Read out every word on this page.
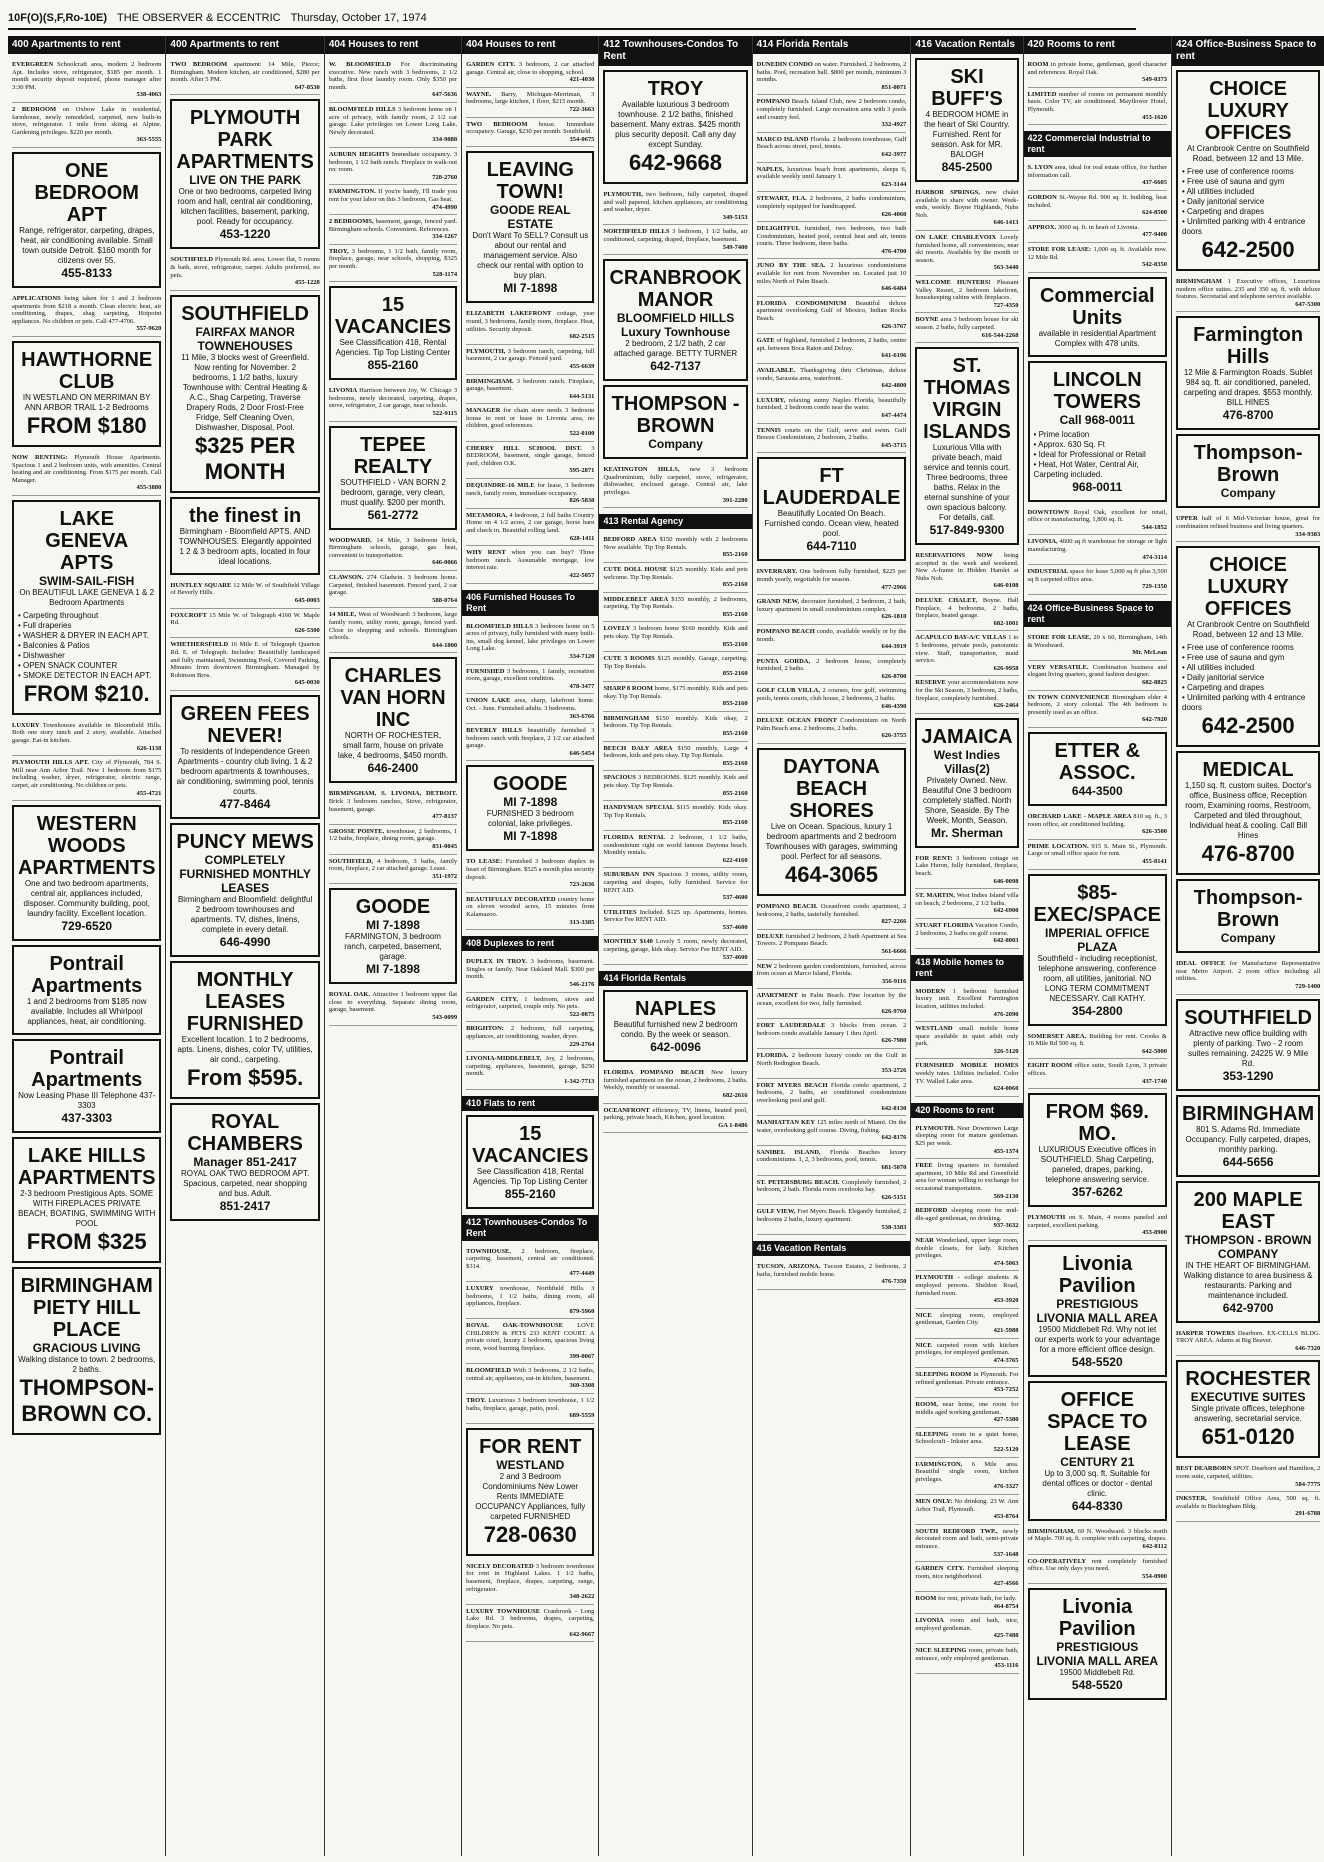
10F(O)(S,F,Ro-10E) THE OBSERVER & ECCENTRIC Thursday, October 17, 1974
400 Apartments to rent
EVERGREEN Schoolcraft area, modern 2 bedroom Apt. Includes stove, refrigerator, $185 per month. 1 month security deposit required, phone manager after 3:30 PM.
538-4063
2 BEDROOM on Oxbow Lake in residential, farmhouse, newly remodeled, carpeted, new built-in stove, refrigerator. 1 mile from skiing at Alpine. Gardening privileges. $220 per month.
363-5555
ONE BEDROOM APT
Range, refrigerator, carpeting, drapes, heat, air conditioning available. Small town outside Detroit. $160 month for citizens over 55.
455-8133
APPLICATIONS being taken for 1 and 2 bedroom apartments from $218 a month. Clean electric heat, air conditioning, drapes, shag carpeting, Hotpoint appliances. No children or pets. Call 477-4706.
557-9620
HAWTHORNE CLUB
IN WESTLAND ON MERRIMAN BY ANN ARBOR TRAIL 1-2 Bedrooms
FROM $180
NOW RENTING: Plymouth House Apartments. Spacious 1 and 2 bedroom units, with amenities. Central heating and air conditioning. From $175 per month. Call Manager.
455-3880
LAKE GENEVA APTS
SWIM-SAIL-FISH
On BEAUTIFUL LAKE GENEVA 1 & 2 Bedroom Apartments
• Carpeting throughout
• Full draperies
• WASHER & DRYER IN EACH APT.
• Balconies & Patios
• Dishwasher
• OPEN SNACK COUNTER
• SMOKE DETECTOR IN EACH APT.
FROM $210.
LUXURY Townhouses available in Bloomfield Hills. Both one story ranch and 2 story, available. Attached garage. Eat-in kitchen.
626-1138
PLYMOUTH HILLS APT. City of Plymouth, 784 S. Mill near Ann Arbor Trail. New 1 bedroom from $175 including washer, dryer, refrigerator, electric range, carpet, air conditioning. No children or pets.
455-4721
WESTERN WOODS APARTMENTS
One and two bedroom apartments, central air, appliances included, disposer. Community building, pool, laundry facility. Excellent location.
729-6520
Pontrail Apartments
1 and 2 bedrooms from $185 now available. Includes all Whirlpool appliances, heat, air conditioning.
Pontrail Apartments
Now Leasing Phase III Telephone 437-3303
437-3303
LAKE HILLS APARTMENTS
2-3 bedroom Prestigious Apts. SOME WITH FIREPLACES PRIVATE BEACH, BOATING, SWIMMING WITH POOL
FROM $325
BIRMINGHAM PIETY HILL PLACE
GRACIOUS LIVING
Walking distance to town. 2 bedrooms, 2 baths.
THOMPSON-BROWN CO.
400 Apartments to rent
TWO BEDROOM apartment: 14 Mile, Pierce; Birmingham. Modern kitchen, air conditioned, $280 per month. After 5 PM.
647-8530
PLYMOUTH PARK APARTMENTS
LIVE ON THE PARK
One or two bedrooms, carpeted living room and hall, central air conditioning, kitchen facilities, basement, parking, pool. Ready for occupancy.
453-1220
SOUTHFIELD Plymouth Rd. area. Lower flat, 5 rooms & bath, stove, refrigerator, carpet. Adults preferred, no pets.
455-1228
SOUTHFIELD
FAIRFAX MANOR TOWNEHOUSES
11 Mile, 3 blocks west of Greenfield. Now renting for November. 2 bedrooms, 1 1/2 baths, luxury Townhouse with: Central Heating & A.C., Shag Carpeting, Traverse Drapery Rods, 2 Door Frost-Free Fridge, Self Cleaning Oven, Dishwasher, Disposal, Pool.
$325 PER MONTH
the finest in
Birmingham - Bloomfield APTS. AND TOWNHOUSES. Elegantly appointed 1 2 & 3 bedroom apts, located in four ideal locations.
HUNTLEY SQUARE 12 Mile W. of Southfield Village of Beverly Hills.
645-0003
FOXCROFT 15 Mile W. of Telegraph 4160 W. Maple Rd.
626-5300
WHETHERSFIELD 16 Mile E. of Telegraph Quarton Rd. E. of Telegraph. Includes: Beautifully landscaped and fully maintained, Swimming Pool, Covered Parking, Minutes from downtown Birmingham. Managed by Robinson Bros.
645-0030
GREEN FEES NEVER!
To residents of Independence Green Apartments - country club living. 1 & 2 bedroom apartments & townhouses, air conditioning, swimming pool, tennis courts.
477-8464
PUNCY MEWS
COMPLETELY FURNISHED MONTHLY LEASES
Birmingham and Bloomfield: delightful 2 bedroom townhouses and apartments. TV, dishes, linens, complete in every detail.
646-4990
MONTHLY LEASES FURNISHED
Excellent location. 1 to 2 bedrooms, apts. Linens, dishes, color TV, utilities, air cond., carpeting.
From $595.
ROYAL CHAMBERS
Manager 851-2417
ROYAL OAK TWO BEDROOM APT. Spacious, carpeted, near shopping and bus. Adult.
851-2417
404 Houses to rent
W. BLOOMFIELD For discriminating executive. New ranch with 3 bedrooms, 2 1/2 baths, first floor laundry room. Only $350 per month.
647-5636
BLOOMFIELD HILLS 3 bedroom home on 1 acre of privacy, with family room, 2 1/2 car garage. Lake privileges on Lower Long Lake. Newly decorated.
334-9088
AUBURN HEIGHTS Immediate occupancy. 3 bedroom, 1 1/2 bath ranch. Fireplace in walk-out rec room.
728-2760
FARMINGTON. If you're handy, I'll trade you rent for your labor on this 3 bedroom, Gas heat.
474-4990
2 BEDROOMS, basement, garage, fenced yard. Birmingham schools. Convenient. References.
334-1267
TROY, 3 bedrooms, 1 1/2 bath, family room, fireplace, garage, near schools, shopping, $325 per month.
528-1174
15 VACANCIES
See Classification 418, Rental Agencies. Tip Top Listing Center
855-2160
LIVONIA Harrison between Joy, W. Chicago 3 bedrooms, newly decorated, carpeting, drapes, stove, refrigerator, 2 car garage, near schools.
522-9115
TEPEE REALTY
SOUTHFIELD - VAN BORN 2 bedroom, garage, very clean, must qualify. $200 per month.
561-2772
WOODWARD, 14 Mile, 3 bedroom brick, Birmingham schools, garage, gas heat, convenient to transportation.
646-0066
CLAWSON. 274 Gladwin. 3 bedroom home. Carpeted, finished basement. Fenced yard, 2 car garage.
588-0764
14 MILE, West of Woodward: 3 bedroom, large family room, utility room, garage, fenced yard. Close to shopping and schools. Birmingham schools.
644-1800
CHARLES VAN HORN INC
NORTH OF ROCHESTER, small farm, house on private lake, 4 bedrooms, $450 month.
646-2400
BIRMINGHAM, S. LIVONIA, DETROIT. Brick 3 bedroom ranches, Stove, refrigerator, basement, garage.
477-8137
GROSSE POINTE, townhouse, 2 bedrooms, 1 1/2 baths, fireplace, dining room, garage.
831-0045
SOUTHFIELD, 4 bedroom, 3 baths, family room, fireplace, 2 car attached garage. Lease.
351-1972
GOODE
MI 7-1898
FARMINGTON, 3 bedroom ranch, carpeted, basement, garage.
MI 7-1898
ROYAL OAK. Attractive 1 bedroom upper flat close to everything. Separate dining room, garage, basement.
543-0099
404 Houses to rent
GARDEN CITY. 3 bedroom, 2 car attached garage. Central air, close to shopping, school.
421-4030
WAYNE. Barry, Michigan-Merriman, 3 bedrooms, large kitchen, 1 floor, $215 month.
722-3663
TWO BEDROOM house. Immediate occupancy. Garage, $230 per month. Southfield.
354-0675
LEAVING TOWN!
GOODE REAL ESTATE
Don't Want To SELL? Consult us about our rental and management service. Also check our rental with option to buy plan.
MI 7-1898
ELIZABETH LAKEFRONT cottage, year round, 3 bedrooms, family room, fireplace. Heat, utilities. Security deposit.
682-2515
PLYMOUTH, 3 bedroom ranch, carpeting, full basement, 2 car garage. Fenced yard.
455-6639
BIRMINGHAM. 3 bedroom ranch. Fireplace, garage, basement.
644-5131
MANAGER for chain store needs 3 bedroom house to rent or lease in Livonia area, no children, good references.
522-0100
CHERRY HILL SCHOOL DIST. 3 BEDROOM, basement, single garage, fenced yard, children O.K.
595-2871
DEQUINDRE-16 MILE for lease, 3 bedroom ranch, family room, immediate occupancy.
826-5838
METAMORA, 4 bedroom, 2 full baths Country Home on 4 1/2 acres, 2 car garage, horse barn and check in. Beautiful rolling land.
628-1411
WHY RENT when you can buy? Three bedroom ranch. Assumable mortgage, low interest rate.
422-5057
406 Furnished Houses To Rent
BLOOMFIELD HILLS 3 bedroom home on 5 acres of privacy, fully furnished with many built-ins, small dog kennel, lake privileges on Lower Long Lake.
334-7120
FURNISHED 3 bedrooms, 1 family, recreation room, garage, excellent condition.
478-3477
UNION LAKE area, sharp, lakefront home. Oct. - June. Furnished adults. 3 bedrooms.
363-6766
BEVERLY HILLS beautifully furnished 3 bedroom ranch with fireplace, 2 1/2 car attached garage.
646-5454
GOODE
MI 7-1898
FURNISHED 3 bedroom colonial, lake privileges.
MI 7-1898
TO LEASE: Furnished 3 bedroom duplex in heart of Birmingham. $525 a month plus security deposit.
723-2636
BEAUTIFULLY DECORATED country home on eleven wooded acres, 15 minutes from Kalamazoo.
313-3385
408 Duplexes to rent
DUPLEX IN TROY. 3 bedrooms, basement. Singles or family. Near Oakland Mall. $300 per month.
546-2176
GARDEN CITY, 1 bedroom, stove and refrigerator, carpeted, couple only. No pets.
522-0875
BRIGHTON: 2 bedroom, full carpeting, appliances, air conditioning, washer, dryer.
229-2764
LIVONIA-MIDDLEBELT, Joy, 2 bedrooms, carpeting, appliances, basement, garage, $250 month.
1-342-7713
410 Flats to rent
15 VACANCIES
See Classification 418, Rental Agencies. Tip Top Listing Center
855-2160
412 Townhouses-Condos To Rent
TOWNHOUSE, 2 bedroom, fireplace, carpeting, basement, central air conditioned. $314.
477-4449
LUXURY townhouse, Northfield Hills. 3 bedrooms, 1 1/2 baths, dining room, all appliances, fireplace.
879-5960
ROYAL OAK-TOWNHOUSE LOVE CHILDREN & PETS 233 KENT COURT. A private court, luxury 2 bedroom, spacious living room, wood burning fireplace.
399-0067
BLOOMFIELD With 3 bedrooms, 2 1/2 baths, central air, appliances, eat-in kitchen, basement.
360-3308
TROY. Luxurious 3 bedroom townhouse, 1 1/2 baths, fireplace, garage, patio, pool.
689-5559
FOR RENT
WESTLAND
2 and 3 Bedroom Condominiums New Lower Rents IMMEDIATE OCCUPANCY Appliances, fully carpeted FURNISHED
728-0630
NICELY DECORATED 3 bedroom townhouse for rent in Highland Lakes. 1 1/2 baths, basement, fireplace, drapes, carpeting, range, refrigerator.
348-2622
LUXURY TOWNHOUSE Cranbrook - Long Lake Rd. 3 bedrooms, drapes, carpeting, fireplace. No pets.
642-9667
412 Townhouses-Condos To Rent
TROY
Available luxurious 3 bedroom townhouse. 2 1/2 baths, finished basement. Many extras. $425 month plus security deposit. Call any day except Sunday.
642-9668
PLYMOUTH, two bedroom, fully carpeted, draped and wall papered, kitchen appliances, air conditioning and washer, dryer.
349-5153
NORTHFIELD HILLS 3 bedroom, 1 1/2 baths, air conditioned, carpeting, draped, fireplace, basement.
549-7400
CRANBROOK MANOR
BLOOMFIELD HILLS Luxury Townhouse
2 bedroom, 2 1/2 bath, 2 car attached garage. BETTY TURNER
642-7137
THOMPSON - BROWN
Company
KEATINGTON HILLS, new 3 bedroom Quadrominium, fully carpeted, stove, refrigerator, dishwasher, enclosed garage. Central air, lake privileges.
391-2280
413 Rental Agency
BEDFORD AREA $150 monthly with 2 bedrooms Now available. Tip Top Rentals.
855-2160
CUTE DOLL HOUSE $125 monthly. Kids and pets welcome. Tip Top Rentals.
855-2160
MIDDLEBELT AREA $155 monthly, 2 bedrooms, carpeting. Tip Top Rentals.
855-2160
LOVELY 3 bedroom home $160 monthly. Kids and pets okay. Tip Top Rentals.
855-2160
CUTE 5 ROOMS $125 monthly. Garage, carpeting. Tip Top Rentals.
855-2160
SHARP 8 ROOM home, $175 monthly. Kids and pets okay. Tip Top Rentals.
855-2160
BIRMINGHAM $150 monthly. Kids okay, 2 bedroom. Tip Top Rentals.
855-2160
BEECH DALY AREA $150 monthly, Large 4 bedroom, kids and pets okay. Tip Top Rentals.
855-2160
SPACIOUS 3 BEDROOMS. $125 monthly. Kids and pets okay. Tip Top Rentals.
855-2160
HANDYMAN SPECIAL $115 monthly. Kids okay. Tip Top Rentals.
855-2160
FLORIDA RENTAL 2 bedroom, 1 1/2 baths, condominium right on world famous Daytona beach. Monthly rentals.
622-4160
SUBURBAN INN Spacious 3 rooms, utility room, carpeting and drapes, fully furnished. Service for RENT AID.
537-4600
UTILITIES Included. $125 up. Apartments, homes. Service Fee RENT AID.
537-4600
MONTHLY $140 Lovely 5 room, newly decorated, carpeting, garage, kids okay. Service Fee RENT AID.
537-4600
414 Florida Rentals
NAPLES
Beautiful furnished new 2 bedroom condo. By the week or season.
642-0096
FLORIDA POMPANO BEACH New luxury furnished apartment on the ocean, 2 bedrooms, 2 baths. Weekly, monthly or seasonal.
682-2616
OCEANFRONT efficiency, TV, linens, heated pool, parking, private beach, Kitchen, good location.
GA 1-8486
414 Florida Rentals
DUNEDIN CONDO on water. Furnished. 2 bedrooms, 2 baths. Pool, recreation hall. $800 per month, minimum 3 months.
851-0071
POMPANO Beach. Island Club, new 2 bedroom condo, completely furnished. Large recreation area with 3 pools and country feel.
332-4927
MARCO ISLAND Florida. 2 bedroom townhouse, Gulf Beach across street, pool, tennis.
642-3977
NAPLES, luxurious beach front apartments, sleeps 6, available weekly until January 1.
623-3144
STEWART, FLA. 2 bedrooms, 2 baths condominium, completely equipped for handicapped.
626-4060
DELIGHTFUL furnished, two bedroom, two bath Condominium, heated pool, central heat and air, tennis courts. Three bedroom, three baths.
476-4700
JUNO BY THE SEA. 2 luxurious condominiums available for rent from November on. Located just 10 miles North of Palm Beach.
646-6484
FLORIDA CONDOMINIUM Beautiful deluxe apartment overlooking Gulf of Mexico, Indian Rocks Beach.
626-3767
GATE of highland, furnished 2 bedroom, 2 baths, center apt. between Boca Raton and Delray.
641-6196
AVAILABLE. Thanksgiving thru Christmas, deluxe condo, Sarasota area, waterfront.
642-4800
LUXURY, relaxing sunny Naples Florida, beautifully furnished, 2 bedroom condo near the water.
647-4474
TENNIS courts on the Gulf, serve and swim. Gulf Breeze Condominium, 2 bedroom, 2 baths.
645-3715
FT LAUDERDALE
Beautifully Located On Beach. Furnished condo. Ocean view, heated pool.
644-7110
INVERRARY. One bedroom fully furnished, $225 per month yearly, negotiable for season.
477-2966
GRAND NEW, decorator furnished, 2 bedroom, 2 bath, luxury apartment in small condominium complex.
626-1810
POMPANO BEACH condo, available weekly or by the month.
644-3919
PUNTA GORDA, 2 bedroom house, completely furnished, 2 baths.
626-8700
GOLF CLUB VILLA, 2 courses, free golf, swimming pools, tennis courts, club house, 2 bedrooms, 2 baths.
646-4390
DELUXE OCEAN FRONT Condominium on North Palm Beach area. 2 bedrooms, 2 baths.
626-3755
DAYTONA BEACH SHORES
Live on Ocean. Spacious, luxury 1 bedroom apartments and 2 bedroom Townhouses with garages, swimming pool. Perfect for all seasons.
464-3065
POMPANO BEACH. Oceanfront condo apartment, 2 bedrooms, 2 baths, tastefully furnished.
827-2266
DELUXE furnished 2 bedroom, 2 bath Apartment at Sea Towers. 2 Pompano Beach.
561-6666
NEW 2 bedroom garden condominium, furnished, across from ocean at Marco Island, Florida.
356-9116
APARTMENT in Palm Beach. Fine location by the ocean, excellent for two, fully furnished.
626-9760
FORT LAUDERDALE 3 blocks from ocean. 2 bedroom condo available January 1 thru April.
626-7980
FLORIDA. 2 bedroom luxury condo on the Gulf in North Redington Beach.
353-2726
FORT MYERS BEACH Florida condo apartment, 2 bedrooms, 2 baths, air conditioned condominium overlooking pool and gulf.
642-8130
MANHATTAN KEY 125 miles north of Miami. On the water, overlooking golf course. Diving, fishing.
642-8176
SANIBEL ISLAND, Florida Beaches luxury condominiums. 1, 2, 3 bedrooms, pool, tennis.
681-5070
ST. PETERSBURG BEACH. Completely furnished, 2 bedroom, 2 bath. Florida room overlooks bay.
626-5151
GULF VIEW, Fort Myers Beach. Elegantly furnished, 2 bedrooms 2 baths, luxury apartment.
538-3383
416 Vacation Rentals
TUCSON, ARIZONA. Tucson Estates, 2 bedroom, 2 baths, furnished mobile home.
476-7350
416 Vacation Rentals
SKI BUFF'S
4 BEDROOM HOME in the heart of Ski Country. Furnished. Rent for season. Ask for MR. BALOGH
845-2500
HARBOR SPRINGS, new chalet available to share with owner. Week-ends, weekly. Boyne Highlands, Nubs Nob.
646-1413
ON LAKE CHARLEVOIX Lovely furnished home, all conveniences, near ski resorts. Available by the month or season.
563-3440
WELCOME HUNTERS! Pleasant Valley Resort, 2 bedroom lakefront, housekeeping cabins with fireplaces.
727-4350
BOYNE area 3 bedroom house for ski season. 2 baths, fully carpeted.
616-544-2268
ST. THOMAS VIRGIN ISLANDS
Luxurious Villa with private beach, maid service and tennis court. Three bedrooms, three baths. Relax in the eternal sunshine of your own spacious balcony. For details, call.
517-849-9300
RESERVATIONS NOW being accepted in the week and weekend. New A-frame in Hidden Hamlet at Nubs Nob.
646-0108
DELUXE CHALET, Boyne. Hall Fireplace, 4 bedrooms, 2 baths, fireplace, heated garage.
682-1001
ACAPULCO BAY-A/C VILLAS 1 to 5 bedrooms, private pools, panoramic view. Staff, transportation, maid service.
626-9958
RESERVE your accommodations now for the Ski Season, 3 bedroom, 2 baths, fireplace, completely furnished.
626-2464
JAMAICA
West Indies Villas(2)
Privately Owned. New. Beautiful One 3 bedroom completely staffed. North Shore, Seaside. By The Week, Month, Season.
Mr. Sherman
FOR RENT: 3 bedroom cottage on Lake Huron, fully furnished, fireplace, beach.
646-0098
ST. MARTIN, West Indies Island villa on beach, 2 bedrooms, 2 1/2 baths.
642-6900
STUART FLORIDA Vacation Condo, 2 bedrooms, 2 baths on golf course.
642-8003
418 Mobile homes to rent
MODERN 1 bedroom furnished luxury unit. Excellent Farmington location, utilities included.
476-2090
WESTLAND small mobile home space available in quiet adult only park.
326-5120
FURNISHED MOBILE HOMES weekly rates. Utilities included. Color TV. Walled Lake area.
624-0060
420 Rooms to rent
PLYMOUTH. Near Downtown Large sleeping room for mature gentleman. $25 per week.
455-1374
FREE living quarters in furnished apartment, 10 Mile Rd and Greenfield area for woman willing to exchange for occasional transportation.
569-2130
BEDFORD sleeping room for mid-dle-aged gentleman, no drinking.
937-3632
NEAR Wonderland, upper large room, double closets, for lady. Kitchen privileges.
474-5063
PLYMOUTH - college students & employed persons. Sheldon Road, furnished room.
453-3920
NICE sleeping room, employed gentleman, Garden City.
421-5988
NICE carpeted room with kitchen privileges, for employed gentleman.
474-3765
SLEEPING ROOM in Plymouth. For refined gentleman. Private entrance.
453-7252
ROOM, near home, one room for middle aged working gentleman.
427-5380
SLEEPING room in a quiet home, Schoolcraft - Inkster area.
522-5120
FARMINGTON, 6 Mile area. Beautiful single room, kitchen privileges.
476-3327
MEN ONLY: No drinking. 23 W. Ann Arbor Trail, Plymouth.
453-8764
SOUTH REDFORD TWP., newly decorated room and bath, semi-private entrance.
537-1648
GARDEN CITY. Furnished sleeping room, nice neighborhood.
427-4566
ROOM for rent, private bath, for lady.
464-8754
LIVONIA room and bath, nice, employed gentleman.
425-7488
NICE SLEEPING room, private bath, entrance, only employed gentleman.
453-1116
420 Rooms to rent
ROOM in private home, gentleman, good character and references. Royal Oak.
549-0373
LIMITED number of rooms on permanent monthly basis. Color TV, air conditioned. Mayflower Hotel, Plymouth.
453-1620
422 Commercial Industrial to rent
S. LYON area, ideal for real estate office, for further information call.
437-6605
GORDON St.-Wayne Rd. 900 sq. ft. building, heat included.
624-8500
APPROX. 3000 sq. ft. in heart of Livonia.
477-9400
STORE FOR LEASE: 1,000 sq. ft. Available now. 12 Mile Rd.
542-8350
Commercial Units
available in residential Apartment Complex with 478 units.
LINCOLN TOWERS
Call 968-0011
• Prime location
• Approx. 630 Sq. Ft
• Ideal for Professional or Retail
• Heat, Hot Water, Central Air, Carpeting included.
968-0011
DOWNTOWN Royal Oak, excellent for retail, office or manufacturing, 1,800 sq. ft.
544-1852
LIVONIA, 4600 sq ft warehouse for storage or light manufacturing.
474-3114
INDUSTRIAL space for lease 5,000 sq ft plus 3,500 sq ft carpeted office area.
729-1350
424 Office-Business Space to rent
STORE FOR LEASE, 20 x 60, Birmingham, 14th & Woodward.
Mr. McLean
VERY VERSATILE. Combination business and elegant living quarters, grand fashion designer.
682-8825
IN TOWN CONVENIENCE Birmingham elder 4 bedroom, 2 story colonial. The 4th bedroom is presently used as an office.
642-7920
ETTER & ASSOC.
644-3500
ORCHARD LAKE - MAPLE AREA 810 sq. ft., 3 room office, air conditioned building.
626-3500
PRIME LOCATION. 915 S. Main St., Plymouth. Large or small office space for rent.
455-8141
$85-EXEC/SPACE
IMPERIAL OFFICE PLAZA
Southfield - including receptionist, telephone answering, conference room, all utilities, janitorial. NO LONG TERM COMMITMENT NECESSARY. Call KATHY.
354-2800
SOMERSET AREA. Building for rent. Crooks & 16 Mile Rd 500 sq. ft.
642-5000
EIGHT ROOM office suite, South Lyon, 3 private offices.
437-1740
FROM $69. MO.
LUXURIOUS Executive offices in SOUTHFIELD. Shag Carpeting, paneled, drapes, parking, telephone answering service.
357-6262
PLYMOUTH on S. Main, 4 rooms paneled and carpeted, excellent parking.
453-8900
Livonia Pavilion
PRESTIGIOUS LIVONIA MALL AREA
19500 Middlebelt Rd. Why not let our experts work to your advantage for a more efficient office design.
548-5520
OFFICE SPACE TO LEASE
CENTURY 21
Up to 3,000 sq. ft. Suitable for dental offices or doctor - dental clinic.
644-8330
BIRMINGHAM, 69 N. Woodward. 3 blocks north of Maple. 700 sq. ft. complete with carpeting, drapes.
642-8112
CO-OPERATIVELY rent completely furnished office. Use only days you need.
554-0900
Livonia Pavilion
PRESTIGIOUS LIVONIA MALL AREA
19500 Middlebelt Rd.
548-5520
424 Office-Business Space to rent
CHOICE LUXURY OFFICES
At Cranbrook Centre on Southfield Road, between 12 and 13 Mile.
• Free use of conference rooms
• Free use of sauna and gym
• All utilities included
• Daily janitorial service
• Carpeting and drapes
• Unlimited parking with 4 entrance doors
642-2500
BIRMINGHAM 1 Executive offices, Luxurious modern office suites. 235 and 350 sq. ft. with deluxe features. Secretarial and telephone service available.
647-5300
Farmington Hills
12 Mile & Farmington Roads. Sublet 984 sq. ft. air conditioned, paneled, carpeting and drapes. $553 monthly. BILL HINES
476-8700
Thompson-Brown
Company
UPPER half of 6 Mid-Victorian house, great for combination refined business and living quarters.
334-9383
CHOICE LUXURY OFFICES
At Cranbrook Centre on Southfield Road, between 12 and 13 Mile.
• Free use of conference rooms
• Free use of sauna and gym
• All utilities included
• Daily janitorial service
• Carpeting and drapes
• Unlimited parking with 4 entrance doors
642-2500
MEDICAL
1,150 sq. ft. custom suites. Doctor's office, Business office, Reception room, Examining rooms, Restroom, Carpeted and tiled throughout, Individual heat & cooling. Call Bill Hines
476-8700
Thompson-Brown
Company
IDEAL OFFICE for Manufacturer Representative near Metro Airport. 2 room office including all utilities.
729-1400
SOUTHFIELD
Attractive new office building with plenty of parking. Two - 2 room suites remaining. 24225 W. 9 Mile Rd.
353-1290
BIRMINGHAM
801 S. Adams Rd. Immediate Occupancy. Fully carpeted, drapes, monthly parking.
644-5656
200 MAPLE EAST
THOMPSON - BROWN COMPANY
IN THE HEART OF BIRMINGHAM. Walking distance to area business & restaurants. Parking and maintenance included.
642-9700
HARPER TOWERS Dearborn. EX-CELLS BLDG. TROY AREA. Adams at Big Beaver.
646-7320
ROCHESTER
EXECUTIVE SUITES
Single private offices, telephone answering, secretarial service.
651-0120
BEST DEARBORN SPOT. Dearborn and Hamilton, 2 room suite, carpeted, utilities.
584-7775
INKSTER, Southfield Office Area, 500 sq. ft. available in Buckingham Bldg.
291-6788
